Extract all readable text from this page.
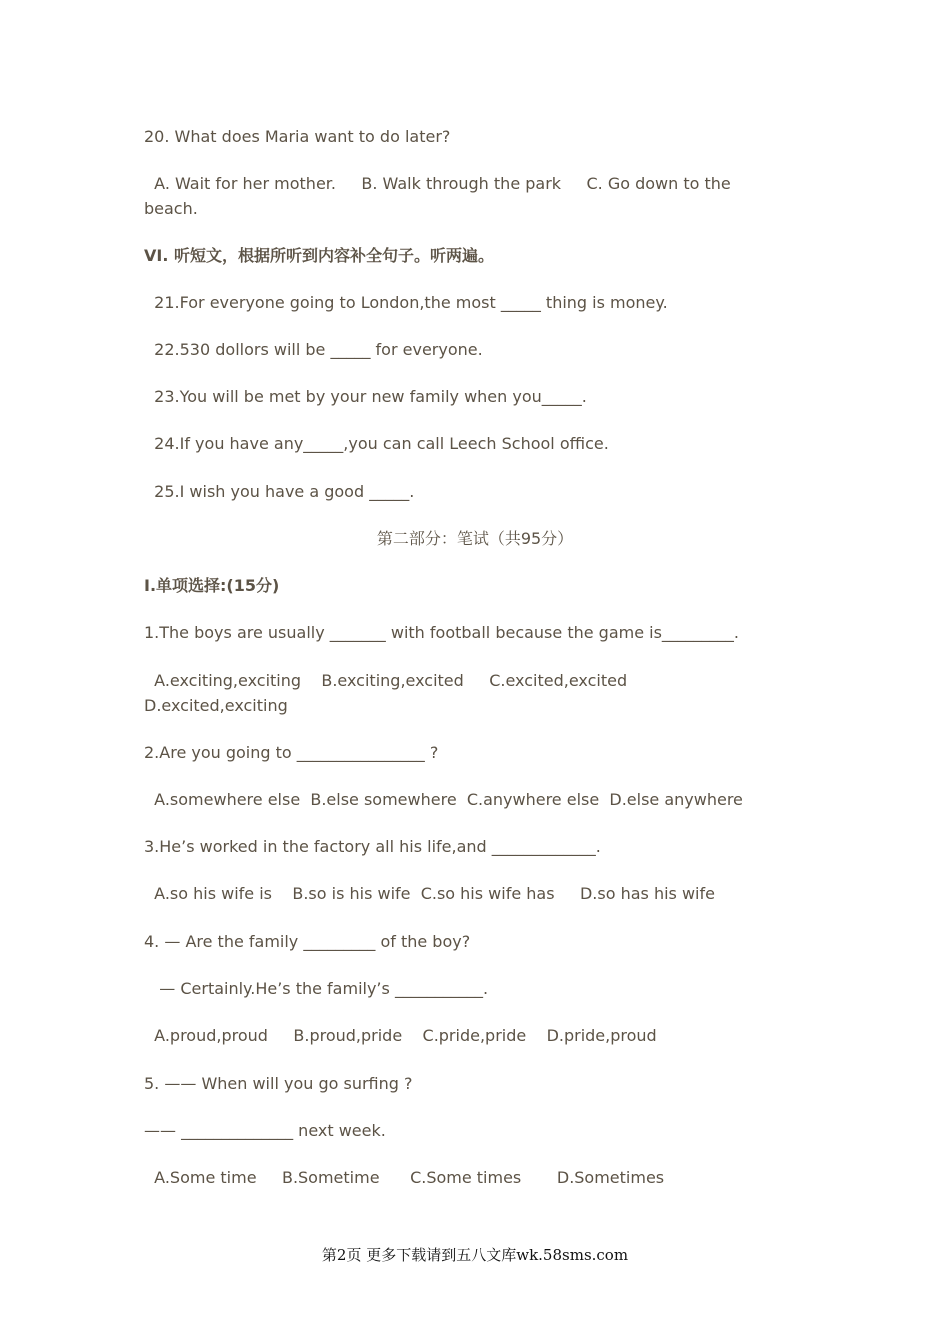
20. What does Maria want to do later?
A. Wait for her mother.     B. Walk through the park     C. Go down to the beach.
VI. 听短文，根据所听到内容补全句子。听两遍。
21.For everyone going to London,the most _____ thing is money.
22.530 dollors will be _____ for everyone.
23.You will be met by your new family when you_____.
24.If you have any_____,you can call Leech School office.
25.I wish you have a good _____.
第二部分：笔试（共95分）
I.单项选择:(15分)
1.The boys are usually _______ with football because the game is_________.
A.exciting,exciting    B.exciting,excited     C.excited,excited    D.excited,exciting
2.Are you going to ________________ ?
A.somewhere else  B.else somewhere  C.anywhere else  D.else anywhere
3.He’s worked in the factory all his life,and _____________.
A.so his wife is    B.so is his wife  C.so his wife has     D.so has his wife
4. — Are the family _________ of the boy?
— Certainly.He’s the family’s ___________.
A.proud,proud     B.proud,pride    C.pride,pride    D.pride,proud
5. —— When will you go surfing ?
—— ______________ next week.
A.Some time     B.Sometime      C.Some times       D.Sometimes
第2页 更多下载请到五八文库wk.58sms.com
